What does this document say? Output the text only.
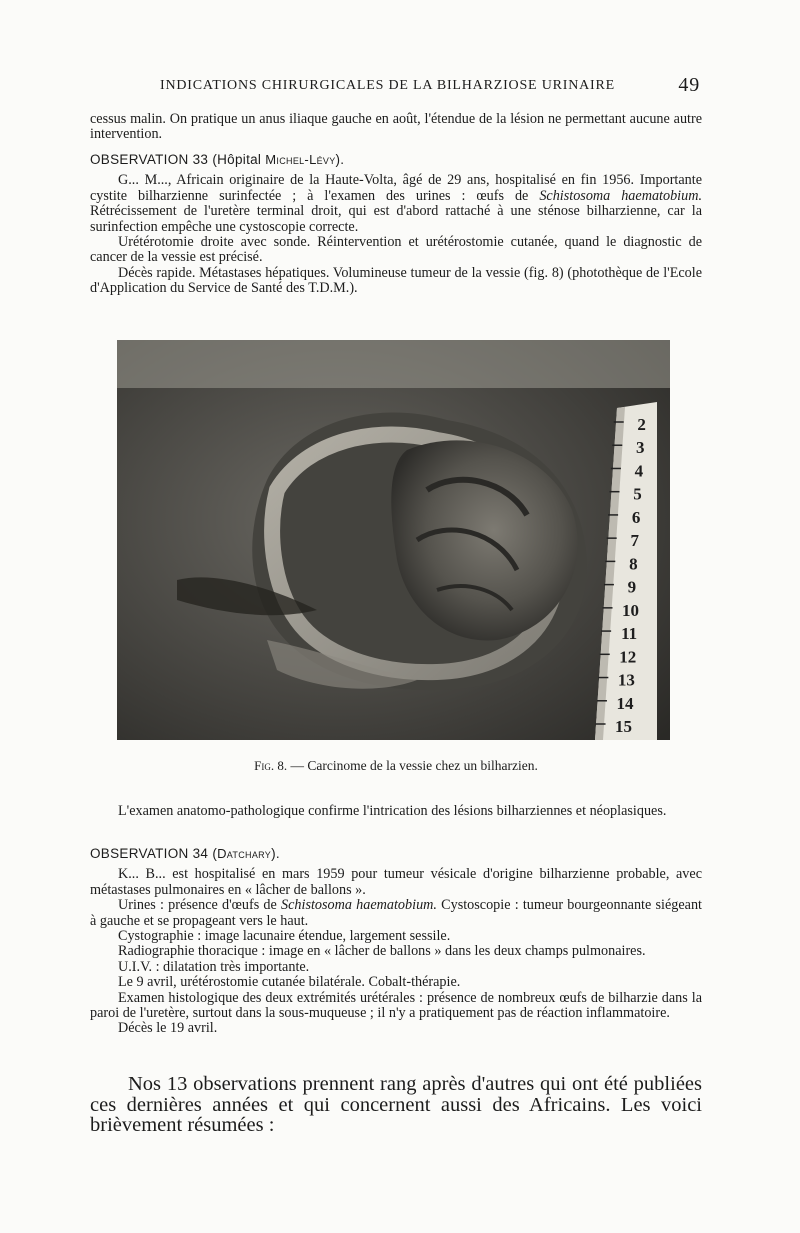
INDICATIONS CHIRURGICALES DE LA BILHARZIOSE URINAIRE	49

cessus malin. On pratique un anus iliaque gauche en août, l'étendue de la lésion ne permettant aucune autre intervention.

OBSERVATION 33 (Hôpital Michel-Lévy).

G... M..., Africain originaire de la Haute-Volta, âgé de 29 ans, hospitalisé en fin 1956. Importante cystite bilharzienne surinfectée ; à l'examen des urines : œufs de Schistosoma haematobium. Rétrécissement de l'uretère terminal droit, qui est d'abord rattaché à une sténose bilharzienne, car la surinfection empêche une cystoscopie correcte.

Urétérotomie droite avec sonde. Réintervention et urétérostomie cutanée, quand le diagnostic de cancer de la vessie est précisé.

Décès rapide. Métastases hépatiques. Volumineuse tumeur de la vessie (fig. 8) (photothèque de l'Ecole d'Application du Service de Santé des T.D.M.).

2
3
4
5
6
7
8
9
10
11
12
13
14
15
Fig. 8. — Carcinome de la vessie chez un bilharzien.

L'examen anatomo-pathologique confirme l'intrication des lésions bilharziennes et néoplasiques.

OBSERVATION 34 (Datchary).

K... B... est hospitalisé en mars 1959 pour tumeur vésicale d'origine bilharzienne probable, avec métastases pulmonaires en « lâcher de ballons ».

Urines : présence d'œufs de Schistosoma haematobium. Cystoscopie : tumeur bourgeonnante siégeant à gauche et se propageant vers le haut.

Cystographie : image lacunaire étendue, largement sessile.

Radiographie thoracique : image en « lâcher de ballons » dans les deux champs pulmonaires.

U.I.V. : dilatation très importante.

Le 9 avril, urétérostomie cutanée bilatérale. Cobalt-thérapie.

Examen histologique des deux extrémités urétérales : présence de nombreux œufs de bilharzie dans la paroi de l'uretère, surtout dans la sous-muqueuse ; il n'y a pratiquement pas de réaction inflammatoire.

Décès le 19 avril.

Nos 13 observations prennent rang après d'autres qui ont été publiées ces dernières années et qui concernent aussi des Africains. Les voici brièvement résumées :
